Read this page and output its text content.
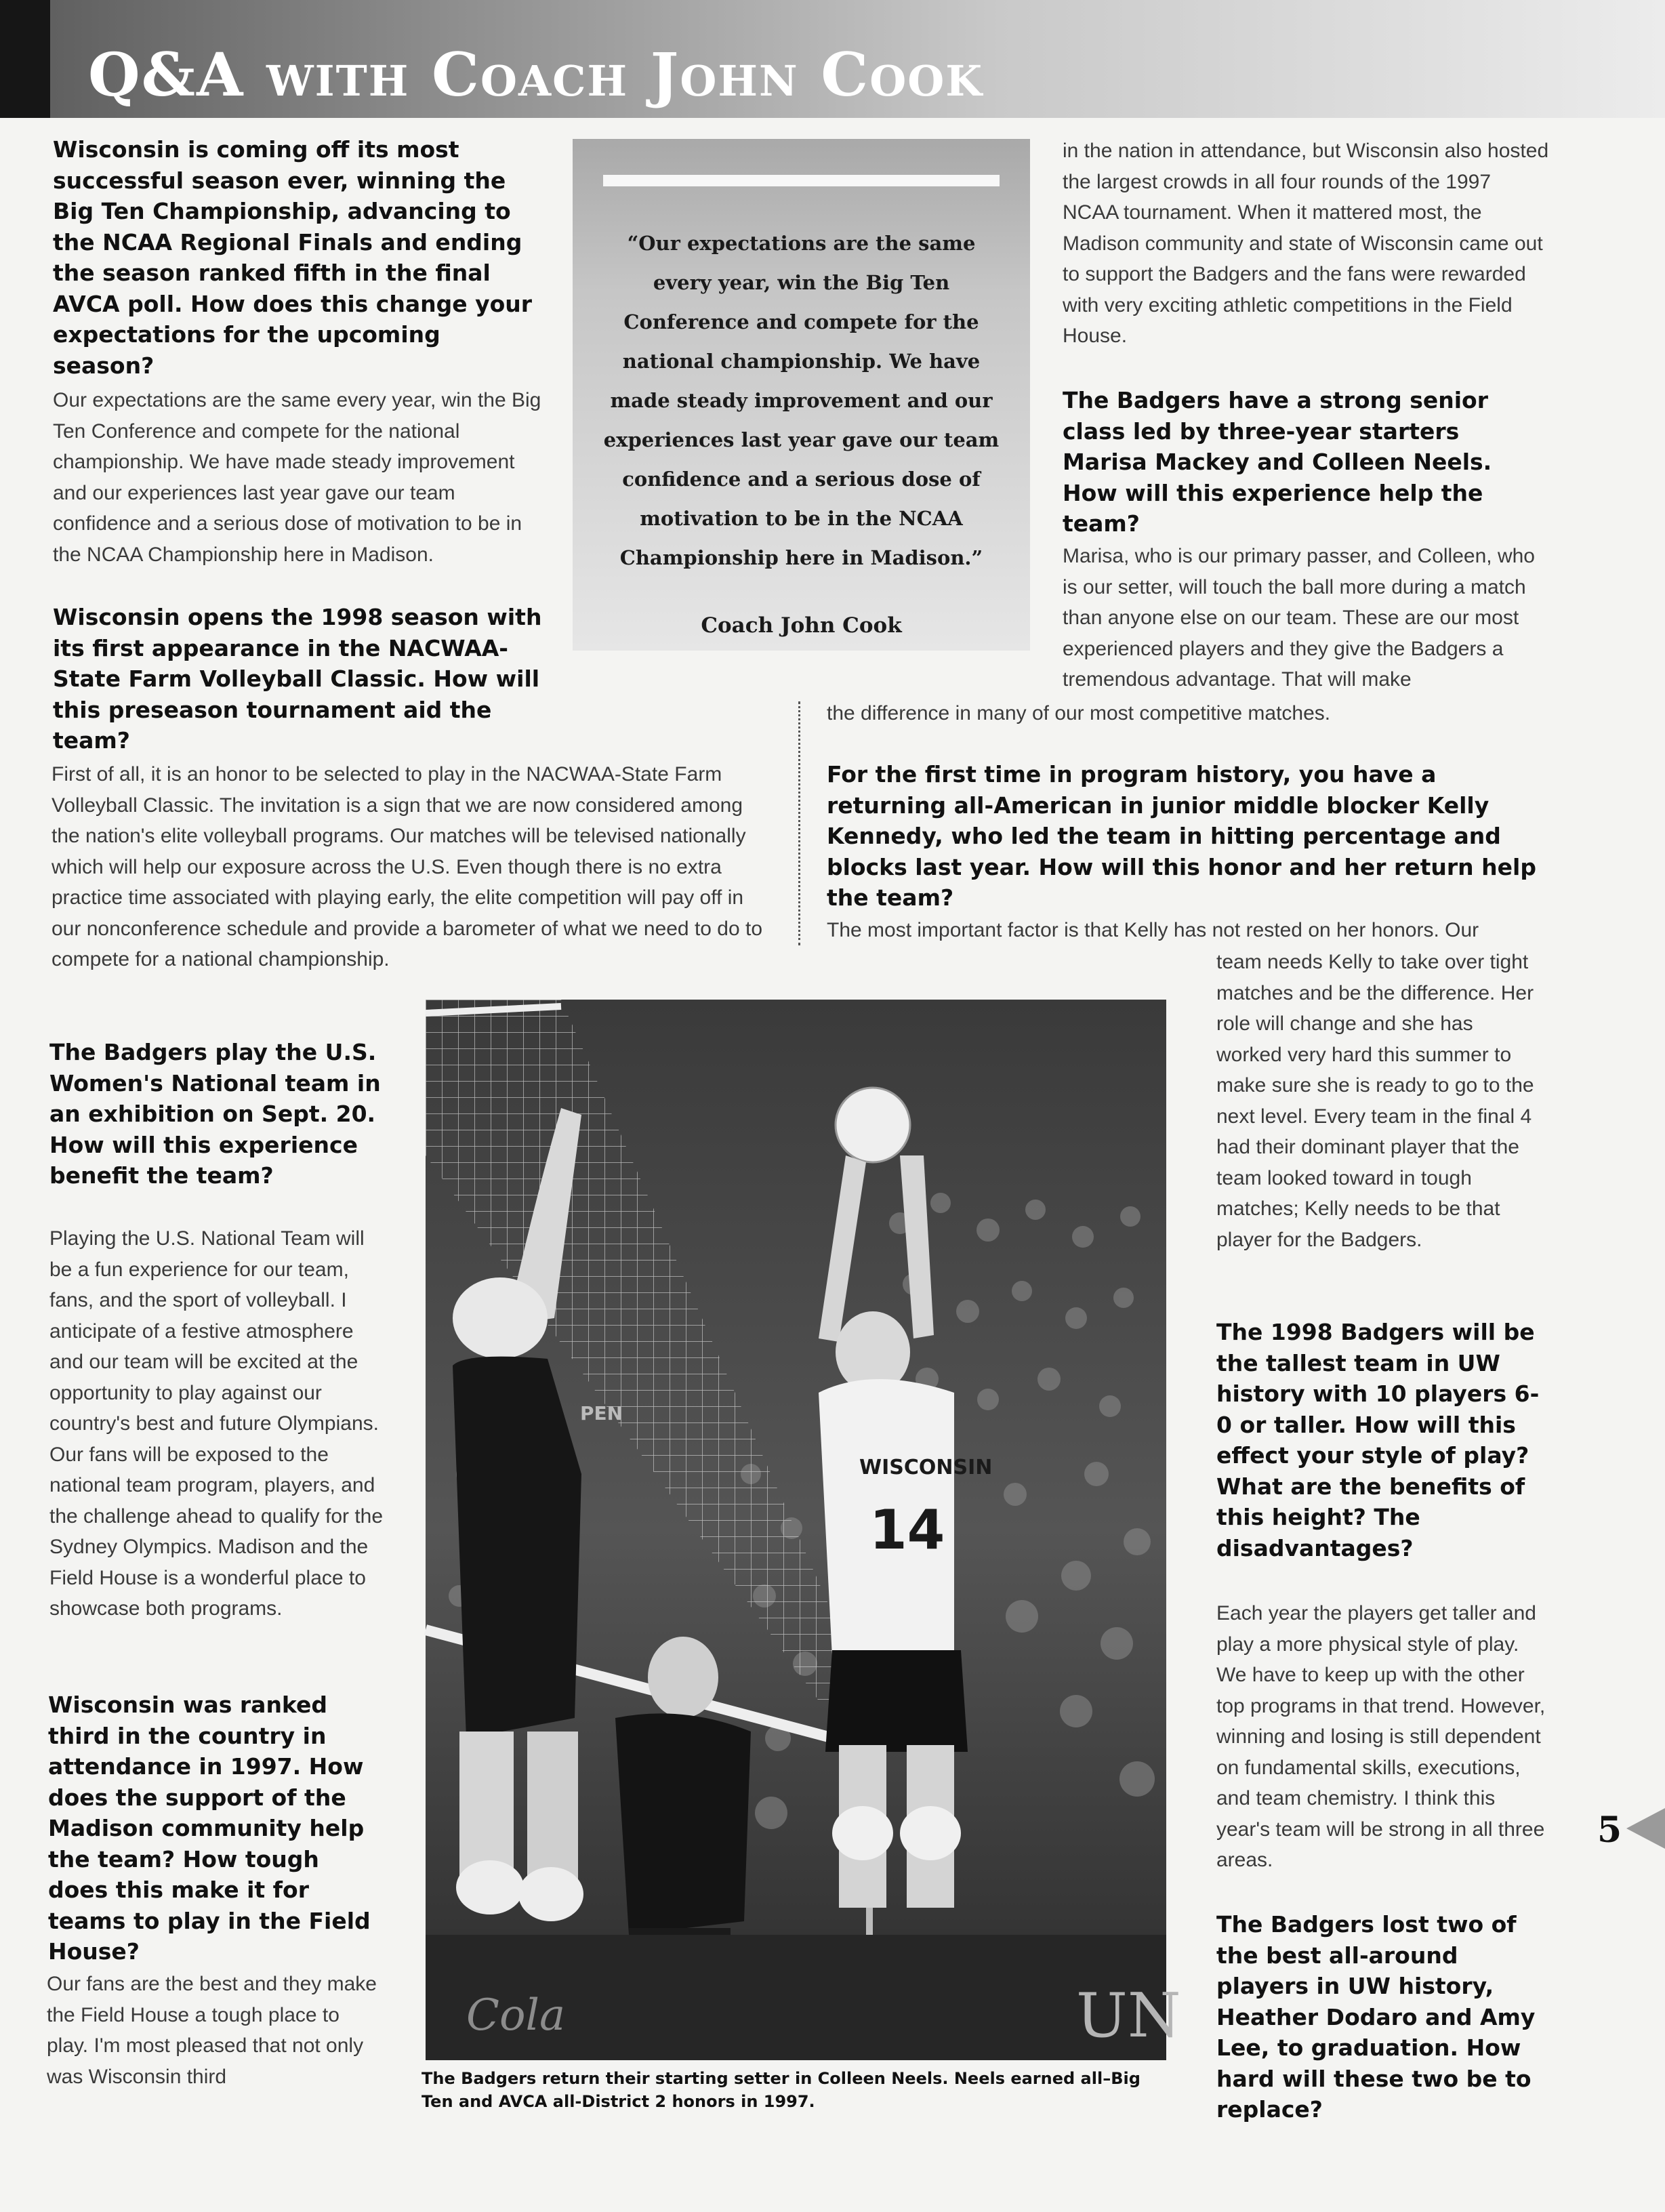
Q&A with Coach John Cook

Wisconsin is coming off its most successful season ever, winning the Big Ten Championship, advancing to the NCAA Regional Finals and ending the season ranked fifth in the final AVCA poll. How does this change your expectations for the upcoming season?

Our expectations are the same every year, win the Big Ten Conference and compete for the national championship. We have made steady improvement and our experiences last year gave our team confidence and a serious dose of motivation to be in the NCAA Championship here in Madison.

Wisconsin opens the 1998 season with its first appearance in the NACWAA-State Farm Volleyball Classic. How will this preseason tournament aid the team?

First of all, it is an honor to be selected to play in the NACWAA-State Farm Volleyball Classic. The invitation is a sign that we are now considered among the nation's elite volleyball programs. Our matches will be televised nationally which will help our exposure across the U.S. Even though there is no extra practice time associated with playing early, the elite competition will pay off in our nonconference schedule and provide a barometer of what we need to do to compete for a national championship.

The Badgers play the U.S. Women's National team in an exhibition on Sept. 20. How will this experience benefit the team?

Playing the U.S. National Team will be a fun experience for our team, fans, and the sport of volleyball. I anticipate of a festive atmosphere and our team will be excited at the opportunity to play against our country's best and future Olympians. Our fans will be exposed to the national team program, players, and the challenge ahead to qualify for the Sydney Olympics. Madison and the Field House is a wonderful place to showcase both programs.

Wisconsin was ranked third in the country in attendance in 1997. How does the support of the Madison community help the team? How tough does this make it for teams to play in the Field House?

Our fans are the best and they make the Field House a tough place to play. I'm most pleased that not only was Wisconsin third

“Our expectations are the same every year, win the Big Ten Conference and compete for the national championship. We have made steady improvement and our experiences last year gave our team confidence and a serious dose of motivation to be in the NCAA Championship here in Madison.”

Coach John Cook

in the nation in attendance, but Wisconsin also hosted the largest crowds in all four rounds of the 1997 NCAA tournament. When it mattered most, the Madison community and state of Wisconsin came out to support the Badgers and the fans were rewarded with very exciting athletic competitions in the Field House.

The Badgers have a strong senior class led by three-year starters Marisa Mackey and Colleen Neels. How will this experience help the team?

Marisa, who is our primary passer, and Colleen, who is our setter, will touch the ball more during a match than anyone else on our team. These are our most experienced players and they give the Badgers a tremendous advantage. That will make

the difference in many of our most competitive matches.

For the first time in program history, you have a returning all-American in junior middle blocker Kelly Kennedy, who led the team in hitting percentage and blocks last year. How will this honor and her return help the team?

The most important factor is that Kelly has not rested on her honors. Our

team needs Kelly to take over tight matches and be the difference. Her role will change and she has worked very hard this summer to make sure she is ready to go to the next level. Every team in the final 4 had their dominant player that the team looked toward in tough matches; Kelly needs to be that player for the Badgers.

The 1998 Badgers will be the tallest team in UW history with 10 players 6-0 or taller. How will this effect your style of play? What are the benefits of this height? The disadvantages?

Each year the players get taller and play a more physical style of play. We have to keep up with the other top programs in that trend. However, winning and losing is still dependent on fundamental skills, executions, and team chemistry. I think this year's team will be strong in all three areas.

The Badgers lost two of the best all-around players in UW history, Heather Dodaro and Amy Lee, to graduation. How hard will these two be to replace?

PEN
WISCONSIN
14
UN
Cola

The Badgers return their starting setter in Colleen Neels. Neels earned all–Big Ten and AVCA all-District 2 honors in 1997.

5
